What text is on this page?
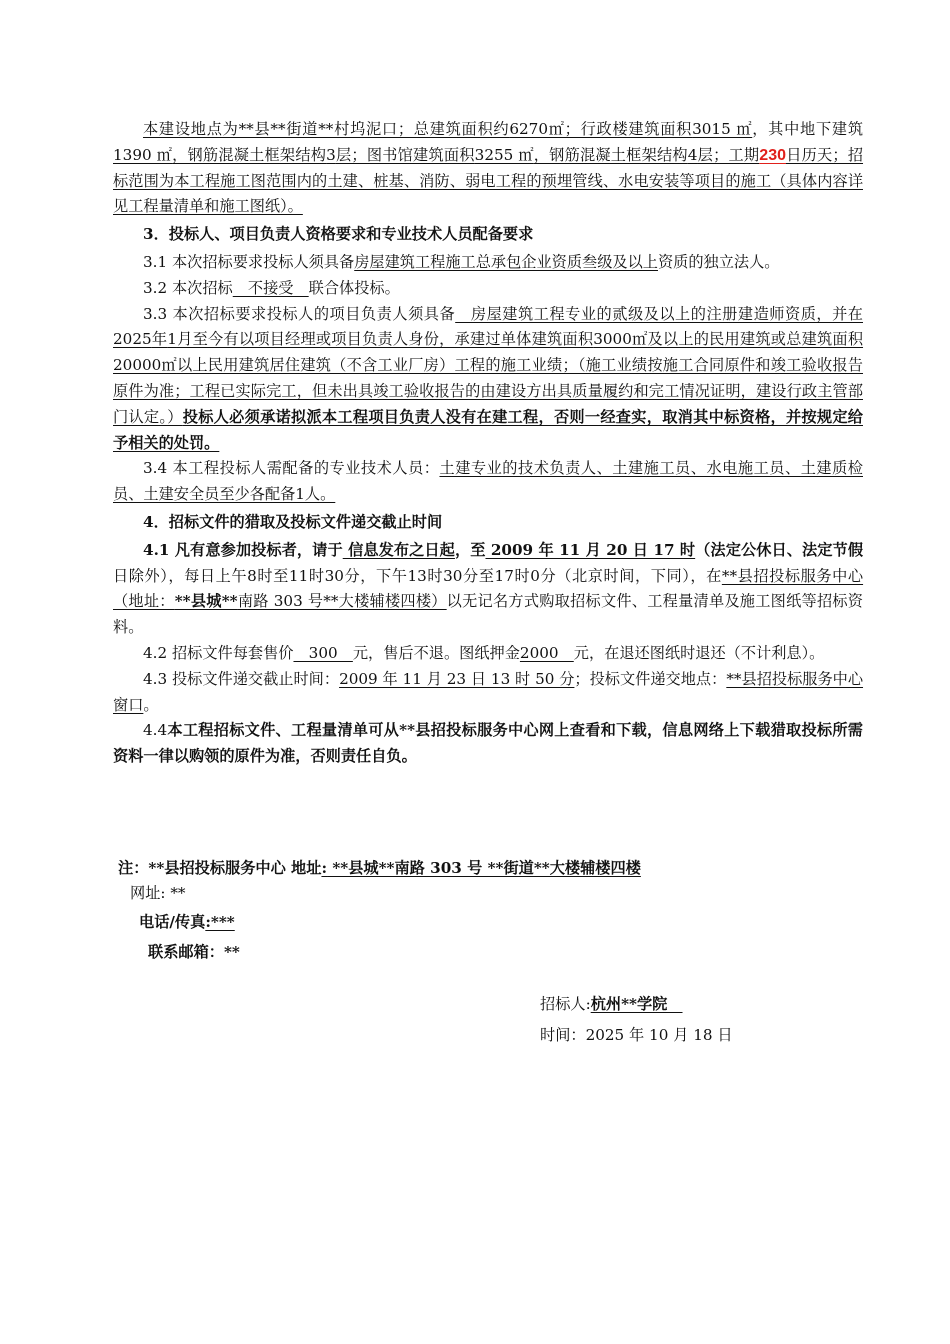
本建设地点为**县**街道**村坞泥口；总建筑面积约6270㎡；行政楼建筑面积3015 ㎡，其中地下建筑1390 ㎡，钢筋混凝土框架结构3层；图书馆建筑面积3255 ㎡，钢筋混凝土框架结构4层；工期230日历天；招标范围为本工程施工图范围内的土建、桩基、消防、弱电工程的预埋管线、水电安装等项目的施工（具体内容详见工程量清单和施工图纸）。

3．投标人、项目负责人资格要求和专业技术人员配备要求

3.1 本次招标要求投标人须具备房屋建筑工程施工总承包企业资质叁级及以上资质的独立法人。

3.2 本次招标　不接受　联合体投标。

3.3 本次招标要求投标人的项目负责人须具备　房屋建筑工程专业的贰级及以上的注册建造师资质，并在2025年1月至今有以项目经理或项目负责人身份，承建过单体建筑面积3000㎡及以上的民用建筑或总建筑面积20000㎡以上民用建筑居住建筑（不含工业厂房）工程的施工业绩；（施工业绩按施工合同原件和竣工验收报告原件为准；工程已实际完工，但未出具竣工验收报告的由建设方出具质量履约和完工情况证明，建设行政主管部门认定。）投标人必须承诺拟派本工程项目负责人没有在建工程，否则一经查实，取消其中标资格，并按规定给予相关的处罚。

3.4 本工程投标人需配备的专业技术人员：土建专业的技术负责人、土建施工员、水电施工员、土建质检员、土建安全员至少各配备1人。

4．招标文件的猎取及投标文件递交截止时间

4.1 凡有意参加投标者，请于 信息发布之日起，至 2009 年 11 月 20 日 17 时（法定公休日、法定节假日除外），每日上午8时至11时30分，下午13时30分至17时0分（北京时间，下同），在**县招投标服务中心（地址：**县城**南路 303 号**大楼辅楼四楼）以无记名方式购取招标文件、工程量清单及施工图纸等招标资料。

4.2 招标文件每套售价　300　元，售后不退。图纸押金2000　元，在退还图纸时退还（不计利息）。

4.3 投标文件递交截止时间：2009 年 11 月 23 日 13 时 50 分；投标文件递交地点：**县招投标服务中心窗口。

4.4本工程招标文件、工程量清单可从**县招投标服务中心网上查看和下载，信息网络上下载猎取投标所需资料一律以购领的原件为准，否则责任自负。

注：**县招投标服务中心 地址: **县城**南路 303 号 **街道**大楼辅楼四楼

网址: **

电话/传真:***

联系邮箱：**

招标人:杭州**学院　

时间：2025 年 10 月 18 日
